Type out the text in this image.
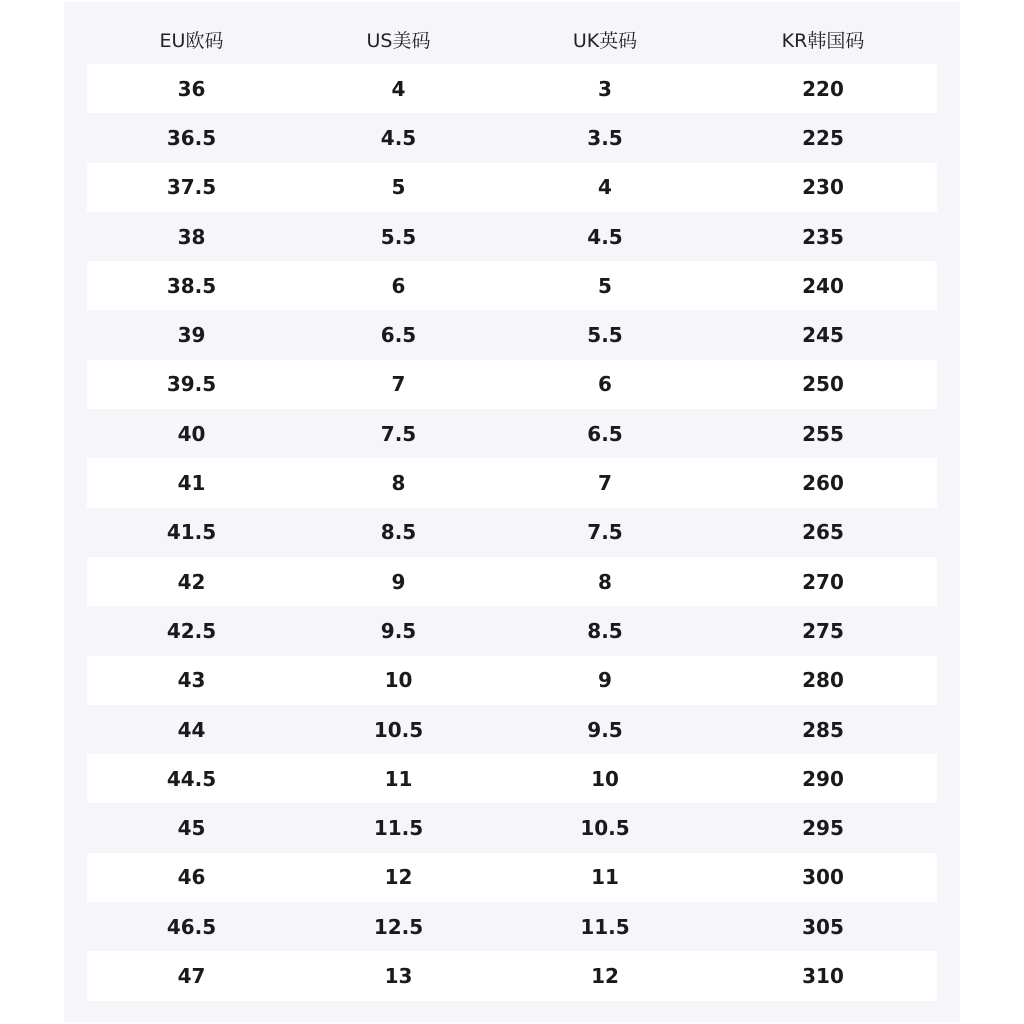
EU欧码	US美码	UK英码	KR韩国码
36	4	3	220
36.5	4.5	3.5	225
37.5	5	4	230
38	5.5	4.5	235
38.5	6	5	240
39	6.5	5.5	245
39.5	7	6	250
40	7.5	6.5	255
41	8	7	260
41.5	8.5	7.5	265
42	9	8	270
42.5	9.5	8.5	275
43	10	9	280
44	10.5	9.5	285
44.5	11	10	290
45	11.5	10.5	295
46	12	11	300
46.5	12.5	11.5	305
47	13	12	310
